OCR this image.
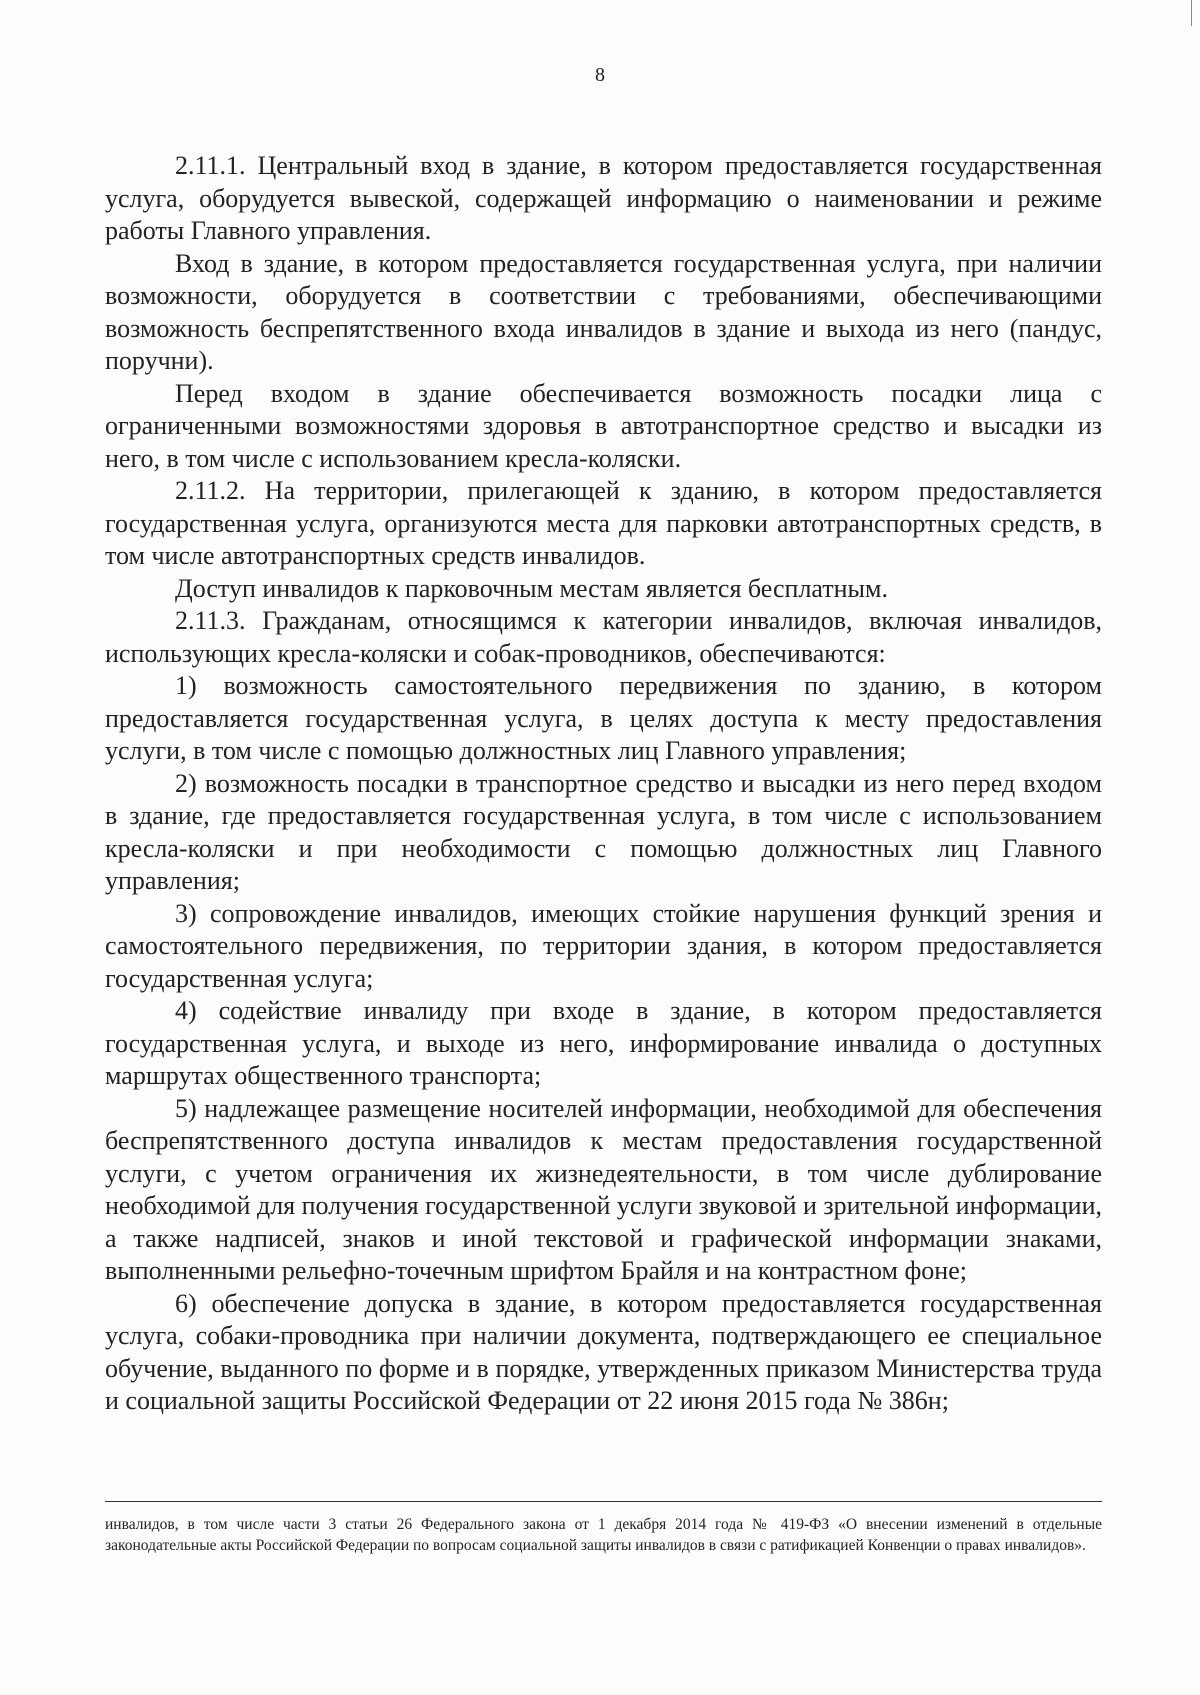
8

2.11.1. Центральный вход в здание, в котором предоставляется государственная услуга, оборудуется вывеской, содержащей информацию о наименовании и режиме работы Главного управления.

Вход в здание, в котором предоставляется государственная услуга, при наличии возможности, оборудуется в соответствии с требованиями, обеспечивающими возможность беспрепятственного входа инвалидов в здание и выхода из него (пандус, поручни).

Перед входом в здание обеспечивается возможность посадки лица с ограниченными возможностями здоровья в автотранспортное средство и высадки из него, в том числе с использованием кресла-коляски.

2.11.2. На территории, прилегающей к зданию, в котором предоставляется государственная услуга, организуются места для парковки автотранспортных средств, в том числе автотранспортных средств инвалидов.

Доступ инвалидов к парковочным местам является бесплатным.

2.11.3. Гражданам, относящимся к категории инвалидов, включая инвалидов, использующих кресла-коляски и собак-проводников, обеспечиваются:

1) возможность самостоятельного передвижения по зданию, в котором предоставляется государственная услуга, в целях доступа к месту предоставления услуги, в том числе с помощью должностных лиц Главного управления;

2) возможность посадки в транспортное средство и высадки из него перед входом в здание, где предоставляется государственная услуга, в том числе с использованием кресла-коляски и при необходимости с помощью должностных лиц Главного управления;

3) сопровождение инвалидов, имеющих стойкие нарушения функций зрения и самостоятельного передвижения, по территории здания, в котором предоставляется государственная услуга;

4) содействие инвалиду при входе в здание, в котором предоставляется государственная услуга, и выходе из него, информирование инвалида о доступных маршрутах общественного транспорта;

5) надлежащее размещение носителей информации, необходимой для обеспечения беспрепятственного доступа инвалидов к местам предоставления государственной услуги, с учетом ограничения их жизнедеятельности, в том числе дублирование необходимой для получения государственной услуги звуковой и зрительной информации, а также надписей, знаков и иной текстовой и графической информации знаками, выполненными рельефно-точечным шрифтом Брайля и на контрастном фоне;

6) обеспечение допуска в здание, в котором предоставляется государственная услуга, собаки-проводника при наличии документа, подтверждающего ее специальное обучение, выданного по форме и в порядке, утвержденных приказом Министерства труда и социальной защиты Российской Федерации от 22 июня 2015 года № 386н;

инвалидов, в том числе части 3 статьи 26 Федерального закона от 1 декабря 2014 года № 419-ФЗ «О внесении изменений в отдельные законодательные акты Российской Федерации по вопросам социальной защиты инвалидов в связи с ратификацией Конвенции о правах инвалидов».
